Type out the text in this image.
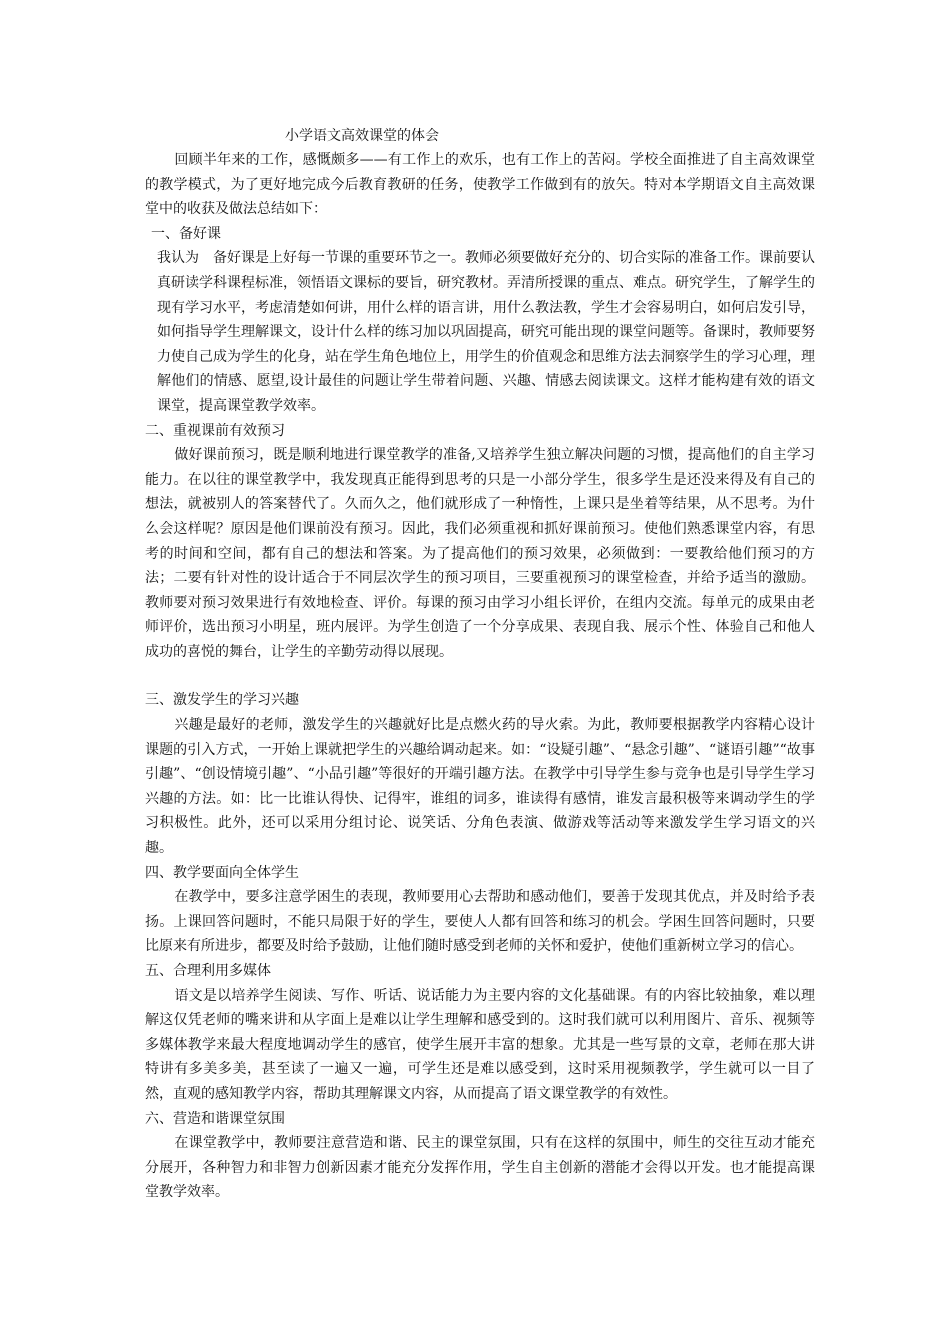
小学语文高效课堂的体会

回顾半年来的工作，感慨颇多——有工作上的欢乐，也有工作上的苦闷。学校全面推进了自主高效课堂的教学模式，为了更好地完成今后教育教研的任务，使教学工作做到有的放矢。特对本学期语文自主高效课堂中的收获及做法总结如下：

一、备好课

我认为　备好课是上好每一节课的重要环节之一。教师必须要做好充分的、切合实际的准备工作。课前要认真研读学科课程标准，领悟语文课标的要旨，研究教材。弄清所授课的重点、难点。研究学生，了解学生的现有学习水平，考虑清楚如何讲，用什么样的语言讲，用什么教法教，学生才会容易明白，如何启发引导，如何指导学生理解课文，设计什么样的练习加以巩固提高，研究可能出现的课堂问题等。备课时，教师要努力使自己成为学生的化身，站在学生角色地位上，用学生的价值观念和思维方法去洞察学生的学习心理，理解他们的情感、愿望,设计最佳的问题让学生带着问题、兴趣、情感去阅读课文。这样才能构建有效的语文课堂，提高课堂教学效率。

二、重视课前有效预习

做好课前预习，既是顺利地进行课堂教学的准备,又培养学生独立解决问题的习惯，提高他们的自主学习能力。在以往的课堂教学中，我发现真正能得到思考的只是一小部分学生，很多学生是还没来得及有自己的想法，就被别人的答案替代了。久而久之，他们就形成了一种惰性，上课只是坐着等结果，从不思考。为什么会这样呢？原因是他们课前没有预习。因此，我们必须重视和抓好课前预习。使他们熟悉课堂内容，有思考的时间和空间，都有自己的想法和答案。为了提高他们的预习效果，必须做到：一要教给他们预习的方法；二要有针对性的设计适合于不同层次学生的预习项目，三要重视预习的课堂检查，并给予适当的激励。教师要对预习效果进行有效地检查、评价。每课的预习由学习小组长评价，在组内交流。每单元的成果由老师评价，选出预习小明星，班内展评。为学生创造了一个分享成果、表现自我、展示个性、体验自己和他人成功的喜悦的舞台，让学生的辛勤劳动得以展现。

三、激发学生的学习兴趣

兴趣是最好的老师，激发学生的兴趣就好比是点燃火药的导火索。为此，教师要根据教学内容精心设计课题的引入方式，一开始上课就把学生的兴趣给调动起来。如：“设疑引趣”、“悬念引趣”、“谜语引趣”“故事引趣”、“创设情境引趣”、“小品引趣”等很好的开端引趣方法。在教学中引导学生参与竞争也是引导学生学习兴趣的方法。如：比一比谁认得快、记得牢，谁组的词多，谁读得有感情，谁发言最积极等来调动学生的学习积极性。此外，还可以采用分组讨论、说笑话、分角色表演、做游戏等活动等来激发学生学习语文的兴趣。

四、教学要面向全体学生

在教学中，要多注意学困生的表现，教师要用心去帮助和感动他们，要善于发现其优点，并及时给予表扬。上课回答问题时，不能只局限于好的学生，要使人人都有回答和练习的机会。学困生回答问题时，只要比原来有所进步，都要及时给予鼓励，让他们随时感受到老师的关怀和爱护，使他们重新树立学习的信心。

五、合理利用多媒体

语文是以培养学生阅读、写作、听话、说话能力为主要内容的文化基础课。有的内容比较抽象，难以理解这仅凭老师的嘴来讲和从字面上是难以让学生理解和感受到的。这时我们就可以利用图片、音乐、视频等多媒体教学来最大程度地调动学生的感官，使学生展开丰富的想象。尤其是一些写景的文章，老师在那大讲特讲有多美多美，甚至读了一遍又一遍，可学生还是难以感受到，这时采用视频教学，学生就可以一目了然，直观的感知教学内容，帮助其理解课文内容，从而提高了语文课堂教学的有效性。

六、营造和谐课堂氛围

在课堂教学中，教师要注意营造和谐、民主的课堂氛围，只有在这样的氛围中，师生的交往互动才能充分展开，各种智力和非智力创新因素才能充分发挥作用，学生自主创新的潜能才会得以开发。也才能提高课堂教学效率。
